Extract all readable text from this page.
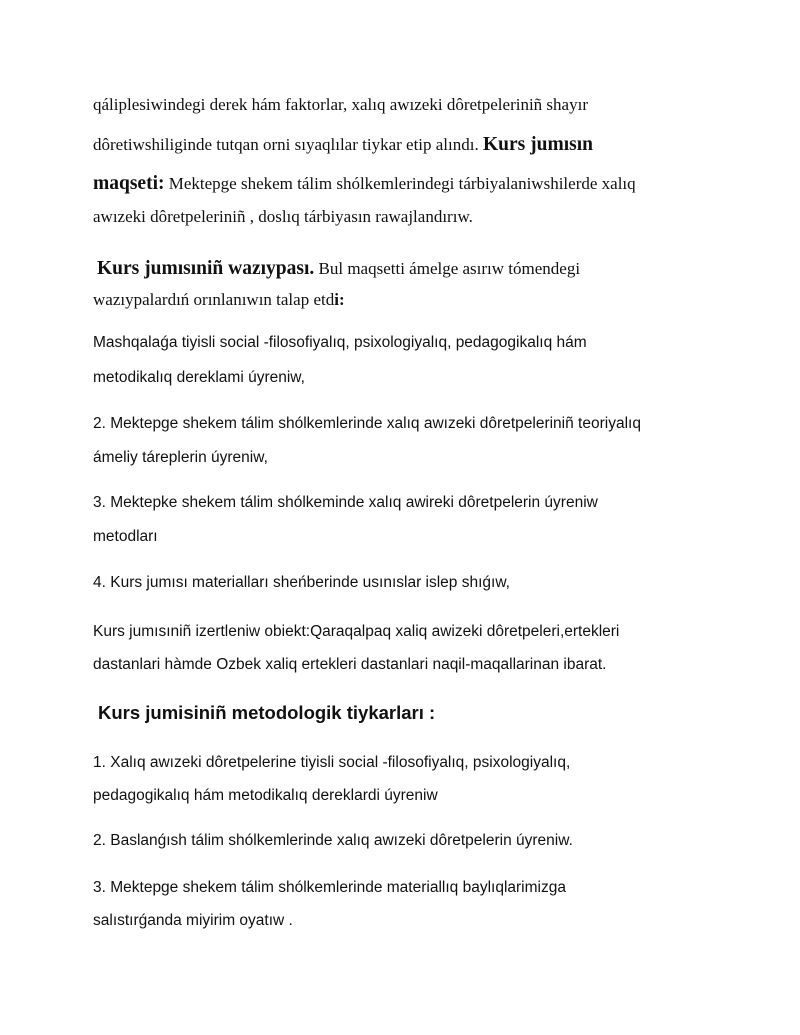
qáliplesiwindegi derek hám faktorlar, xalıq awızeki dôretpeleriniñ shayır
dôretiwshiliginde tutqan orni sıyaqlılar tiykar etip alındı. Kurs jumısın
maqseti: Mektepge shekem tálim shólkemlerindegi tárbiyalaniwshilerde xalıq
awızeki dôretpeleriniñ , doslıq tárbiyasın rawajlandırıw.
Kurs jumısıniñ wazıypası. Bul maqsetti ámelge asırıw tómendegi
wazıypalardıń orınlanıwın talap etdi:
Mashqalaǵa tiyisli social -filosofiyalıq, psixologiyalıq, pedagogikalıq hám
metodikalıq dereklami úyreniw,
2. Mektepge shekem tálim shólkemlerinde xalıq awızeki dôretpeleriniñ teoriyalıq
ámeliy táreplerin úyreniw,
3. Mektepke shekem tálim shólkeminde xalıq awireki dôretpelerin úyreniw
metodları
4. Kurs jumısı materialları sheńberinde usınıslar islep shıǵıw,
Kurs jumısıniñ izertleniw obiekt:Qaraqalpaq xaliq awizeki dôretpeleri,ertekleri
dastanlari hàmde Ozbek xaliq ertekleri dastanlari naqil-maqallarinan ibarat.
Kurs jumisiniñ metodologik tiykarları :
1. Xalıq awızeki dôretpelerine tiyisli social -filosofiyalıq, psixologiyalıq,
pedagogikalıq hám metodikalıq dereklardi úyreniw
2. Baslanǵısh tálim shólkemlerinde xalıq awızeki dôretpelerin úyreniw.
3. Mektepge shekem tálim shólkemlerinde materiallıq baylıqlarimizga
salıstırǵanda miyirim oyatıw .
